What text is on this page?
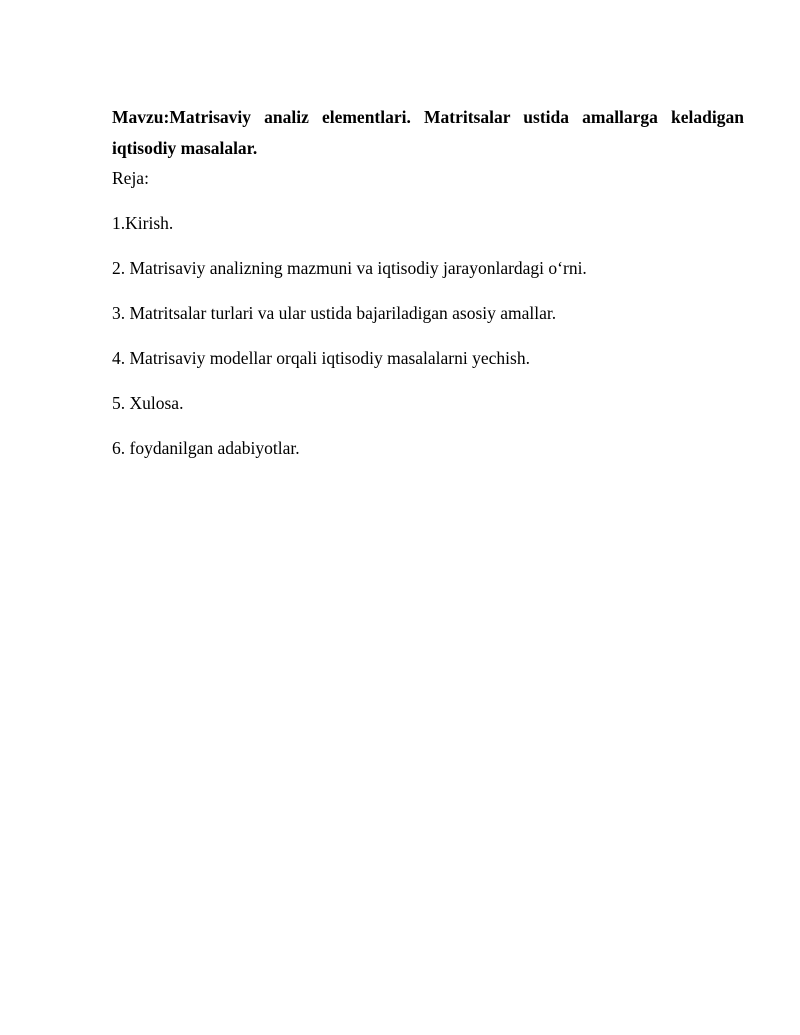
Mavzu:Matrisaviy analiz elementlari. Matritsalar ustida amallarga keladigan iqtisodiy masalalar.

Reja:

1.Kirish.
2. Matrisaviy analizning mazmuni va iqtisodiy jarayonlardagi o‘rni.
3. Matritsalar turlari va ular ustida bajariladigan asosiy amallar.
4. Matrisaviy modellar orqali iqtisodiy masalalarni yechish.
5. Xulosa.
6. foydanilgan adabiyotlar.
